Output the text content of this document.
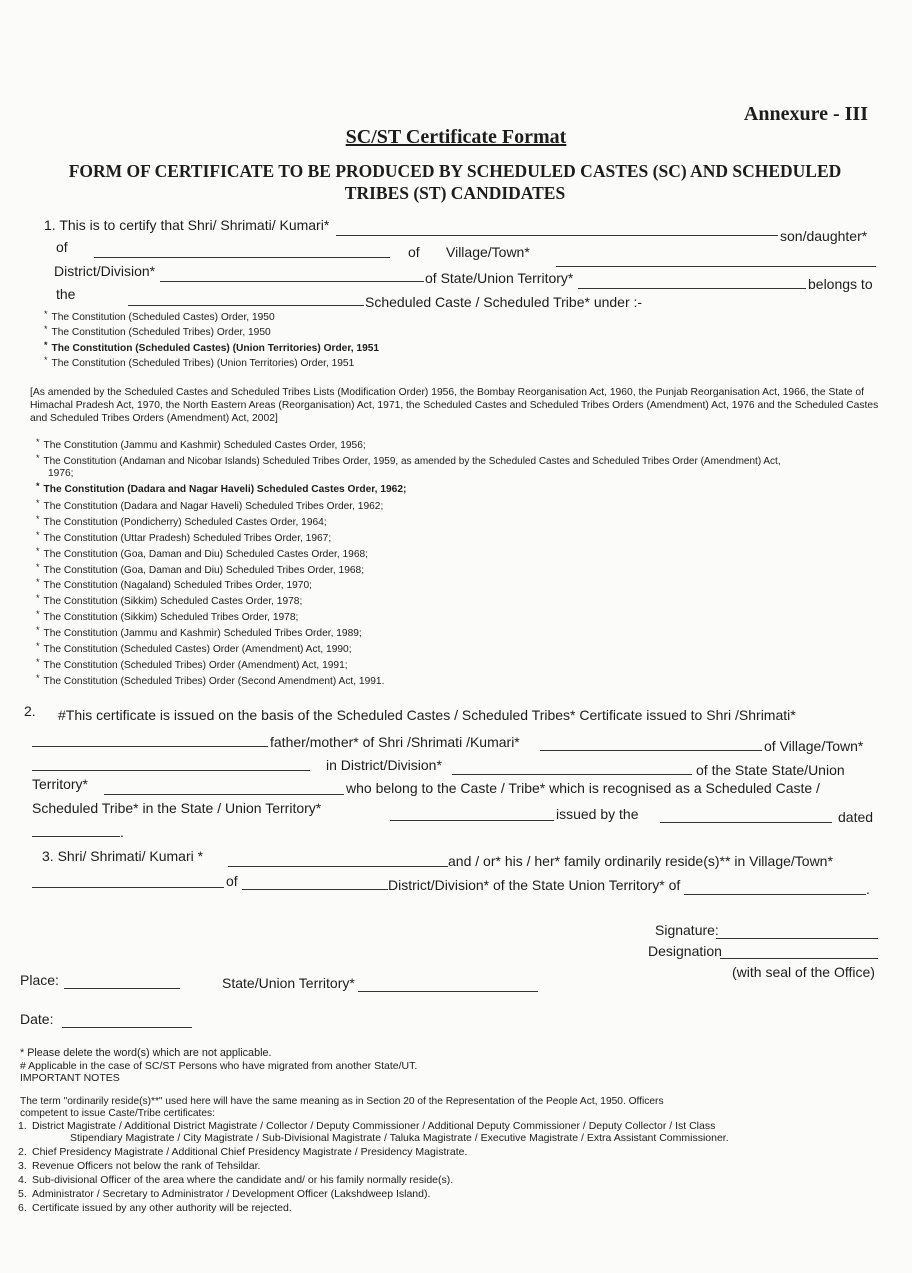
Annexure - III
SC/ST Certificate Format
FORM OF CERTIFICATE TO BE PRODUCED BY SCHEDULED CASTES (SC) AND SCHEDULED TRIBES (ST) CANDIDATES
1. This is to certify that Shri/ Shrimati/ Kumari*
son/daughter*
of	of Village/Town*
District/Division*	of State/Union Territory*	belongs to
the	Scheduled Caste / Scheduled Tribe* under :-
* The Constitution (Scheduled Castes) Order, 1950
* The Constitution (Scheduled Tribes) Order, 1950
* The Constitution (Scheduled Castes) (Union Territories) Order, 1951
* The Constitution (Scheduled Tribes) (Union Territories) Order, 1951
[As amended by the Scheduled Castes and Scheduled Tribes Lists (Modification Order) 1956, the Bombay Reorganisation Act, 1960, the Punjab Reorganisation Act, 1966, the State of Himachal Pradesh Act, 1970, the North Eastern Areas (Reorganisation) Act, 1971, the Scheduled Castes and Scheduled Tribes Orders (Amendment) Act, 1976 and the Scheduled Castes and Scheduled Tribes Orders (Amendment) Act, 2002]
* The Constitution (Jammu and Kashmir) Scheduled Castes Order, 1956;
* The Constitution (Andaman and Nicobar Islands) Scheduled Tribes Order, 1959, as amended by the Scheduled Castes and Scheduled Tribes Order (Amendment) Act,
1976;
* The Constitution (Dadara and Nagar Haveli) Scheduled Castes Order, 1962;
* The Constitution (Dadara and Nagar Haveli) Scheduled Tribes Order, 1962;
* The Constitution (Pondicherry) Scheduled Castes Order, 1964;
* The Constitution (Uttar Pradesh) Scheduled Tribes Order, 1967;
* The Constitution (Goa, Daman and Diu) Scheduled Castes Order, 1968;
* The Constitution (Goa, Daman and Diu) Scheduled Tribes Order, 1968;
* The Constitution (Nagaland) Scheduled Tribes Order, 1970;
* The Constitution (Sikkim) Scheduled Castes Order, 1978;
* The Constitution (Sikkim) Scheduled Tribes Order, 1978;
* The Constitution (Jammu and Kashmir) Scheduled Tribes Order, 1989;
* The Constitution (Scheduled Castes) Order (Amendment) Act, 1990;
* The Constitution (Scheduled Tribes) Order (Amendment) Act, 1991;
* The Constitution (Scheduled Tribes) Order (Second Amendment) Act, 1991.
2. #This certificate is issued on the basis of the Scheduled Castes / Scheduled Tribes* Certificate issued to Shri /Shrimati*
father/mother* of Shri /Shrimati /Kumari*	of Village/Town*
in District/Division*	of the State State/Union
Territory*	who belong to the Caste / Tribe* which is recognised as a Scheduled Caste /
Scheduled Tribe* in the State / Union Territory*	issued by the	dated
.
3. Shri/ Shrimati/ Kumari *	and / or* his / her* family ordinarily reside(s)** in Village/Town*
of	District/Division* of the State Union Territory* of	.
Signature:
Designation
(with seal of the Office)
Place:	State/Union Territory*
Date:
* Please delete the word(s) which are not applicable.
# Applicable in the case of SC/ST Persons who have migrated from another State/UT.
IMPORTANT NOTES
The term "ordinarily reside(s)**" used here will have the same meaning as in Section 20 of the Representation of the People Act, 1950. Officers
competent to issue Caste/Tribe certificates:
1. District Magistrate / Additional District Magistrate / Collector / Deputy Commissioner / Additional Deputy Commissioner / Deputy Collector / Ist Class
Stipendiary Magistrate / City Magistrate / Sub-Divisional Magistrate / Taluka Magistrate / Executive Magistrate / Extra Assistant Commissioner.
2. Chief Presidency Magistrate / Additional Chief Presidency Magistrate / Presidency Magistrate.
3. Revenue Officers not below the rank of Tehsildar.
4. Sub-divisional Officer of the area where the candidate and/ or his family normally reside(s).
5. Administrator / Secretary to Administrator / Development Officer (Lakshdweep Island).
6. Certificate issued by any other authority will be rejected.
